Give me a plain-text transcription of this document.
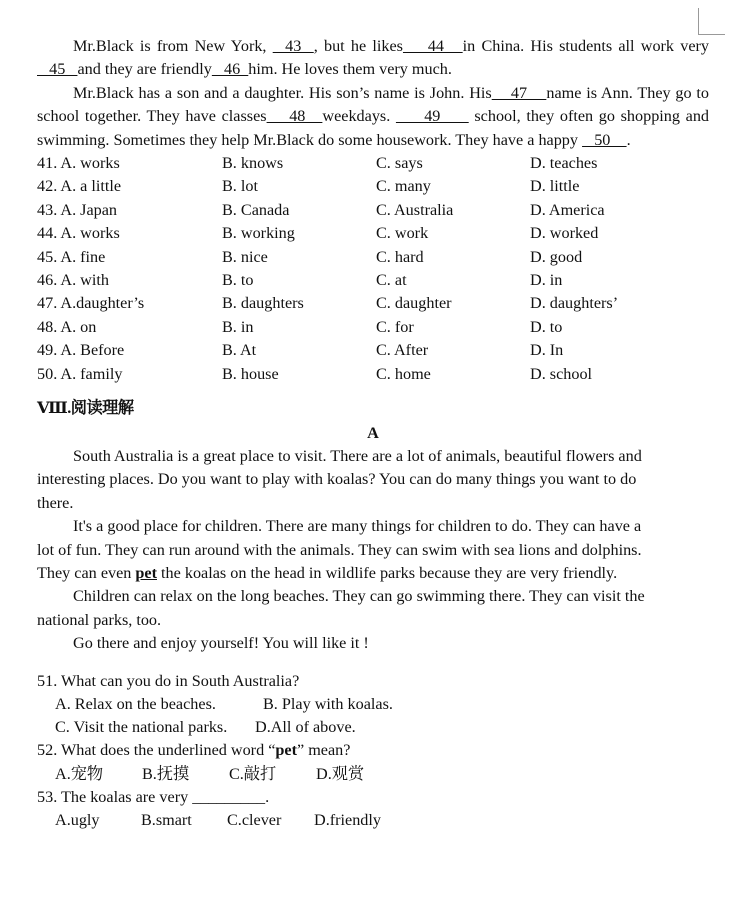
Mr.Black is from New York,   43  , but he likes    44   in China. His students all work very   45   and they are friendly   46  him. He loves them very much.

Mr.Black has a son and a daughter. His son’s name is John. His    47    name is Ann. They go to school together. They have classes    48   weekdays.      49      school, they often go shopping and swimming. Sometimes they help Mr.Black do some housework. They have a happy    50    .

41. A. works	B. knows	C. says	D. teaches
42. A. a little	B. lot	C. many	D. little
43. A. Japan	B. Canada	C. Australia	D. America
44. A. works	B. working	C. work	D. worked
45. A. fine	B. nice	C. hard	D. good
46. A. with	B. to	C. at	D. in
47. A.daughter’s	B. daughters	C. daughter	D. daughters’
48. A. on	B. in	C. for	D. to
49. A. Before	B. At	C. After	D. In
50. A. family	B. house	C. home	D. school
Ⅷ.阅读理解
A

South Australia is a great place to visit. There are a lot of animals, beautiful flowers and interesting places. Do you want to play with koalas? You can do many things you want to do there.

It's a good place for children. There are many things for children to do. They can have a lot of fun. They can run around with the animals. They can swim with sea lions and dolphins. They can even pet the koalas on the head in wildlife parks because they are very friendly.

Children can relax on the long beaches. They can go swimming there. They can visit the national parks, too.

Go there and enjoy yourself! You will like it !

51. What can you do in South Australia?

A. Relax on the beaches.	B. Play with koalas.

C. Visit the national parks. D.All of above.

52. What does the underlined word “pet” mean?

A.宠物 B.抚摸 C.敲打 D.观赏

53. The koalas are very _________.

A.ugly	B.smart C.clever D.friendly
